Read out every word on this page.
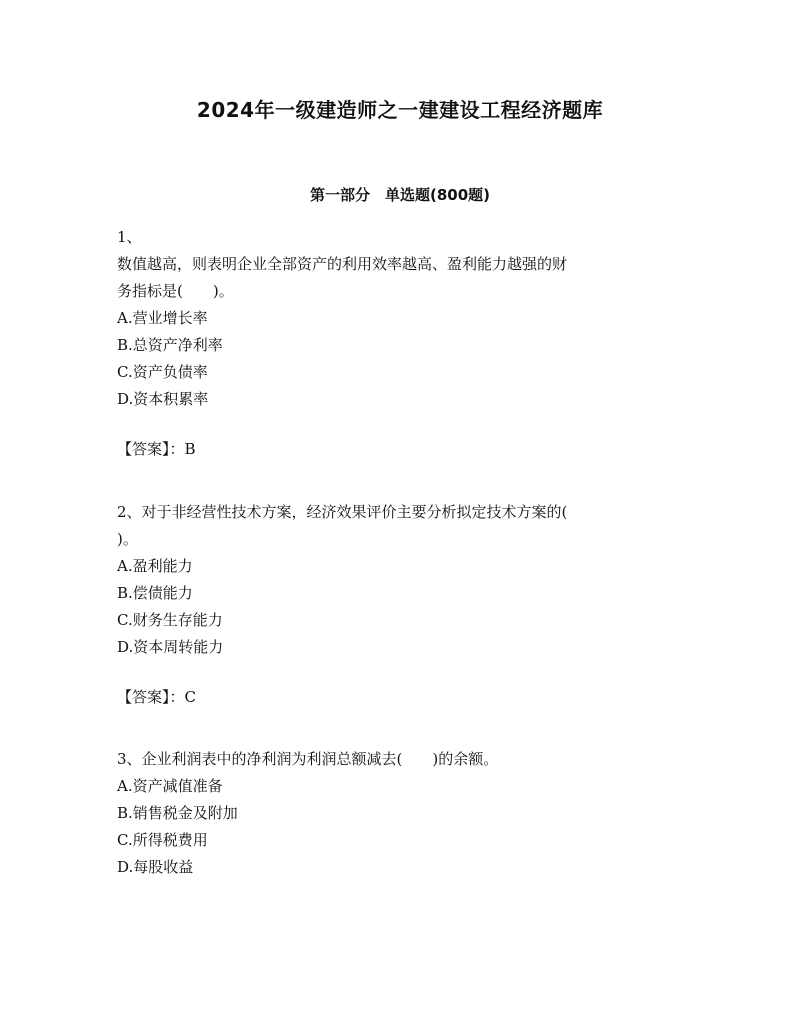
2024年一级建造师之一建建设工程经济题库
第一部分　单选题(800题)
1、
数值越高，则表明企业全部资产的利用效率越高、盈利能力越强的财
务指标是(　　)。
A.营业增长率
B.总资产净利率
C.资产负债率
D.资本积累率
【答案】：B
2、对于非经营性技术方案，经济效果评价主要分析拟定技术方案的(
)。
A.盈利能力
B.偿债能力
C.财务生存能力
D.资本周转能力
【答案】：C
3、企业利润表中的净利润为利润总额减去(　　)的余额。
A.资产减值准备
B.销售税金及附加
C.所得税费用
D.每股收益
